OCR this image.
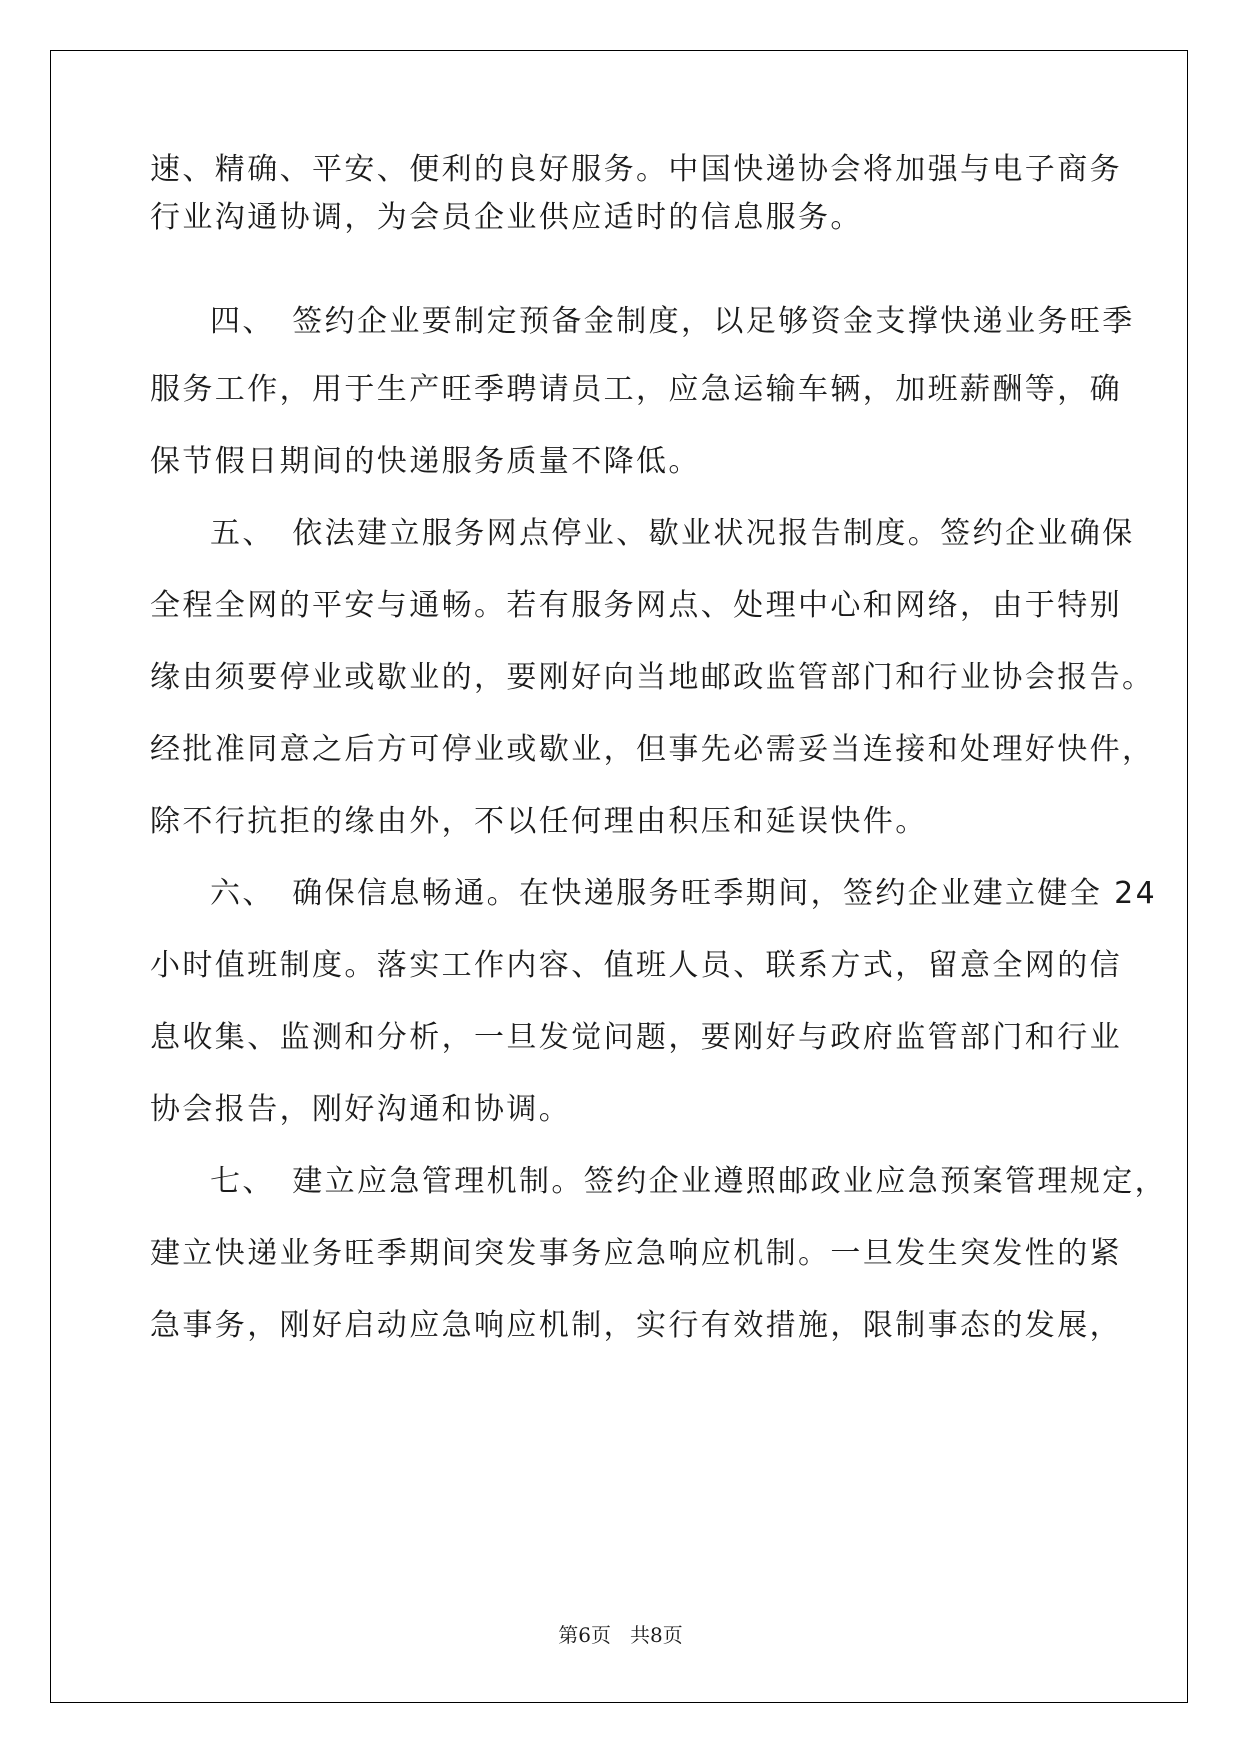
速、精确、平安、便利的良好服务。中国快递协会将加强与电子商务
行业沟通协调，为会员企业供应适时的信息服务。
四、　签约企业要制定预备金制度，以足够资金支撑快递业务旺季
服务工作，用于生产旺季聘请员工，应急运输车辆，加班薪酬等，确
保节假日期间的快递服务质量不降低。
五、　依法建立服务网点停业、歇业状况报告制度。签约企业确保
全程全网的平安与通畅。若有服务网点、处理中心和网络，由于特别
缘由须要停业或歇业的，要刚好向当地邮政监管部门和行业协会报告。
经批准同意之后方可停业或歇业，但事先必需妥当连接和处理好快件，
除不行抗拒的缘由外，不以任何理由积压和延误快件。
六、　确保信息畅通。在快递服务旺季期间，签约企业建立健全 24
小时值班制度。落实工作内容、值班人员、联系方式，留意全网的信
息收集、监测和分析，一旦发觉问题，要刚好与政府监管部门和行业
协会报告，刚好沟通和协调。
七、　建立应急管理机制。签约企业遵照邮政业应急预案管理规定，
建立快递业务旺季期间突发事务应急响应机制。一旦发生突发性的紧
急事务，刚好启动应急响应机制，实行有效措施，限制事态的发展，
第6页 共8页
